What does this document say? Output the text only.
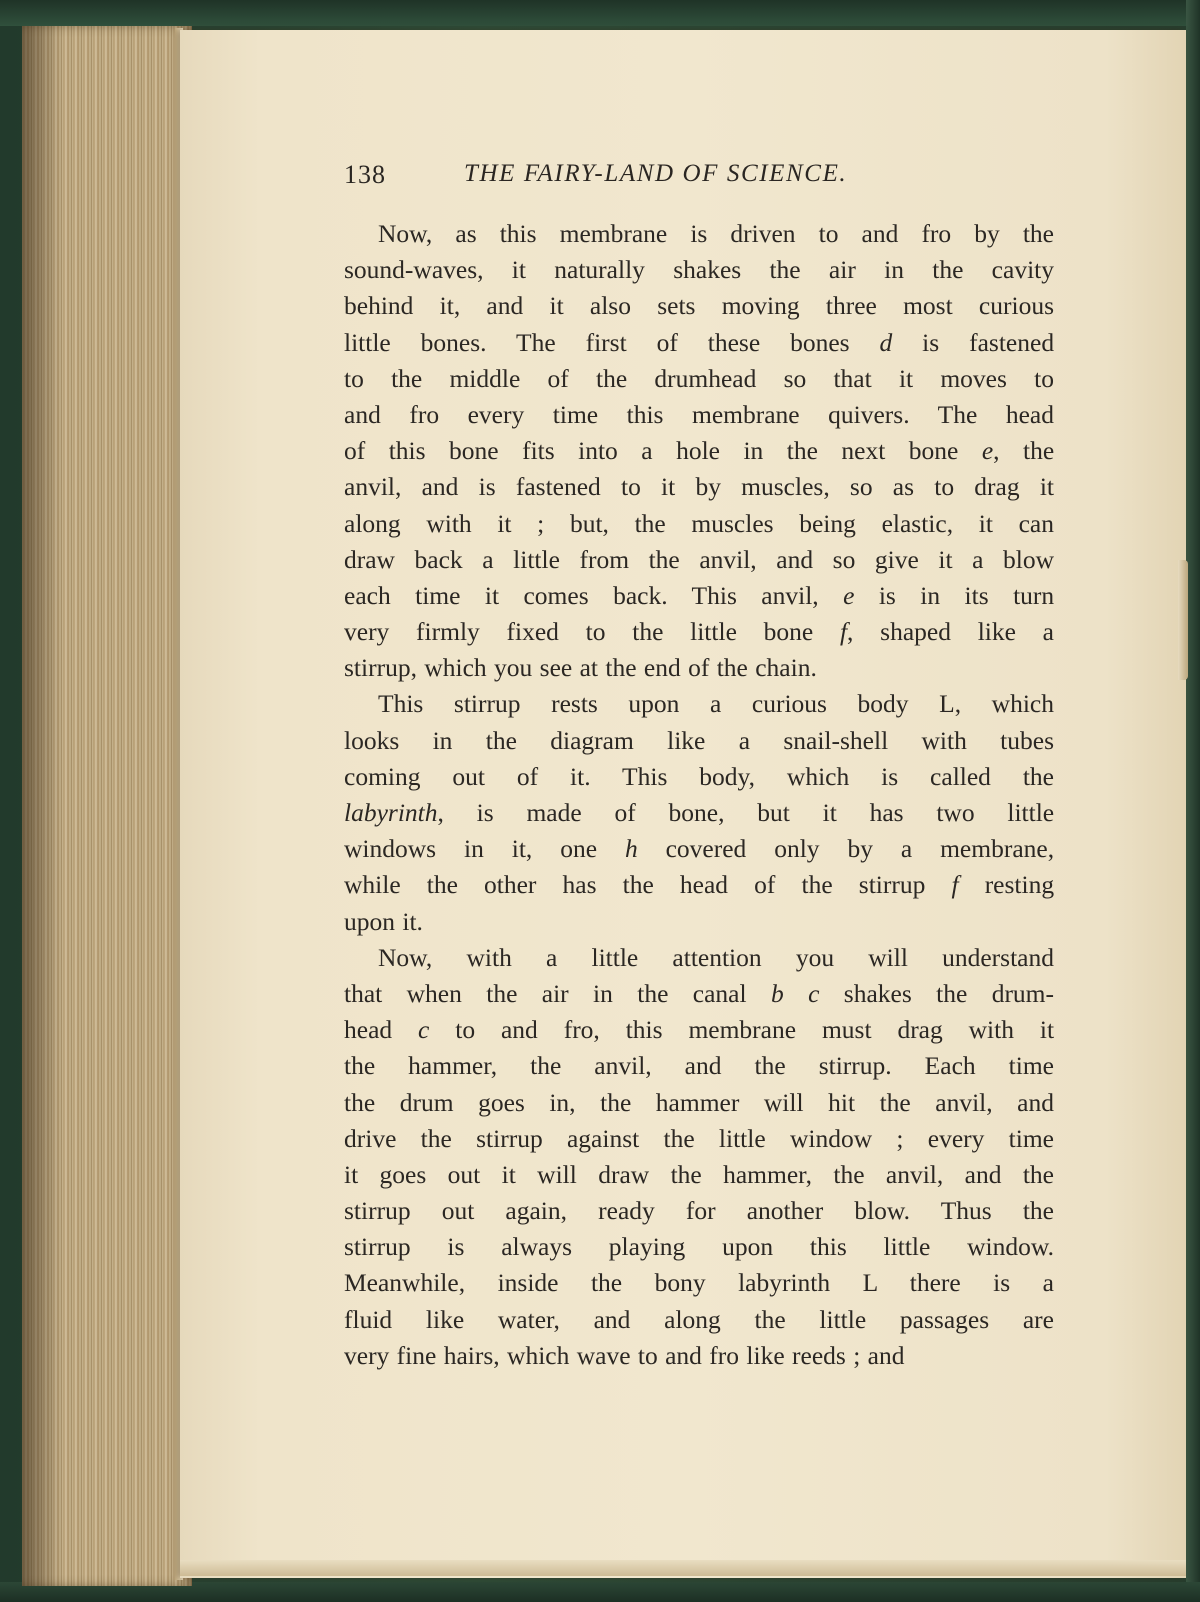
138	THE FAIRY-LAND OF SCIENCE.
Now, as this membrane is driven to and fro by the
sound-waves, it naturally shakes the air in the cavity
behind it, and it also sets moving three most curious
little bones. The first of these bones d is fastened
to the middle of the drumhead so that it moves to
and fro every time this membrane quivers. The head
of this bone fits into a hole in the next bone e, the
anvil, and is fastened to it by muscles, so as to drag it
along with it ; but, the muscles being elastic, it can
draw back a little from the anvil, and so give it a blow
each time it comes back. This anvil, e is in its turn
very firmly fixed to the little bone f, shaped like a
stirrup, which you see at the end of the chain.
This stirrup rests upon a curious body L, which
looks in the diagram like a snail-shell with tubes
coming out of it. This body, which is called the
labyrinth, is made of bone, but it has two little
windows in it, one h covered only by a membrane,
while the other has the head of the stirrup f resting
upon it.
Now, with a little attention you will understand
that when the air in the canal b c shakes the drum-
head c to and fro, this membrane must drag with it
the hammer, the anvil, and the stirrup. Each time
the drum goes in, the hammer will hit the anvil, and
drive the stirrup against the little window ; every time
it goes out it will draw the hammer, the anvil, and the
stirrup out again, ready for another blow. Thus the
stirrup is always playing upon this little window.
Meanwhile, inside the bony labyrinth L there is a
fluid like water, and along the little passages are
very fine hairs, which wave to and fro like reeds ; and
